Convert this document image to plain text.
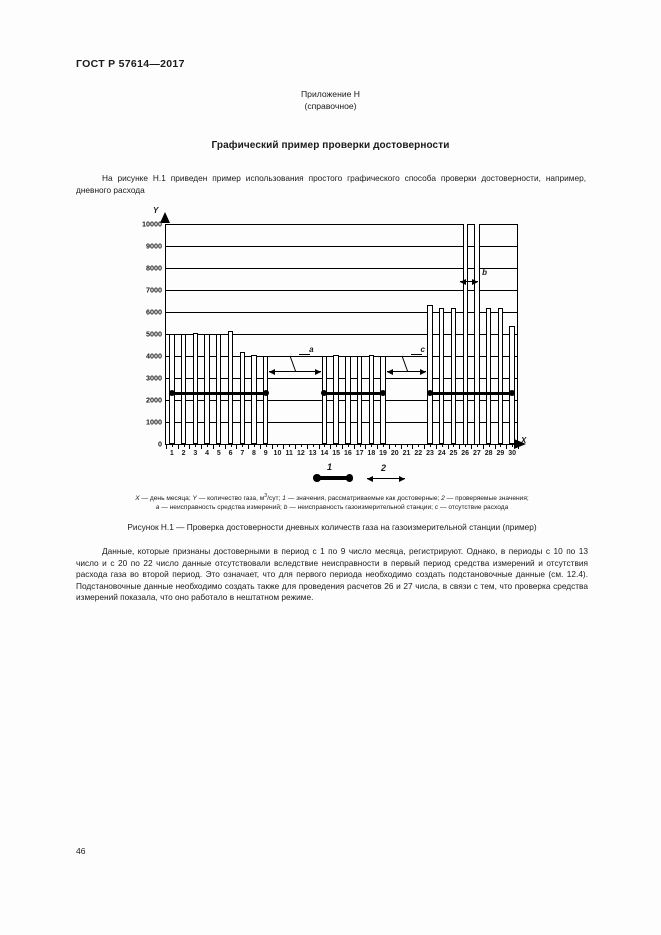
ГОСТ Р 57614—2017
Приложение Н
(справочное)
Графический пример проверки достоверности
На рисунке Н.1 приведен пример использования простого графического способа проверки достоверности, например, дневного расхода
Y
X
0
1000
2000
3000
4000
5000
6000
7000
8000
9000
10000
1 2 3 4 5 6 7 8 9 10 11 12 13 14 15 16 17 18 19 20 21 22 23 24 25 26 27 28 29 30
a
b
c
1	2
X — день месяца; Y — количество газа, $м^3$/сут; 1 — значения, рассматриваемые как достоверные; 2 — проверяемые значения;
a — неисправность средства измерений; b — неисправность газоизмерительной станции; c — отсутствие расхода
Рисунок Н.1 — Проверка достоверности дневных количеств газа на газоизмерительной станции (пример)
Данные, которые признаны достоверными в период с 1 по 9 число месяца, регистрируют. Однако, в периоды с 10 по 13 число и с 20 по 22 число данные отсутствовали вследствие неисправности в первый период средства измерений и отсутствия расхода газа во второй период. Это означает, что для первого периода необходимо создать подстановочные данные (см. 12.4). Подстановочные данные необходимо создать также для проведения расчетов 26 и 27 числа, в связи с тем, что проверка средства измерений показала, что оно работало в нештатном режиме.
46
